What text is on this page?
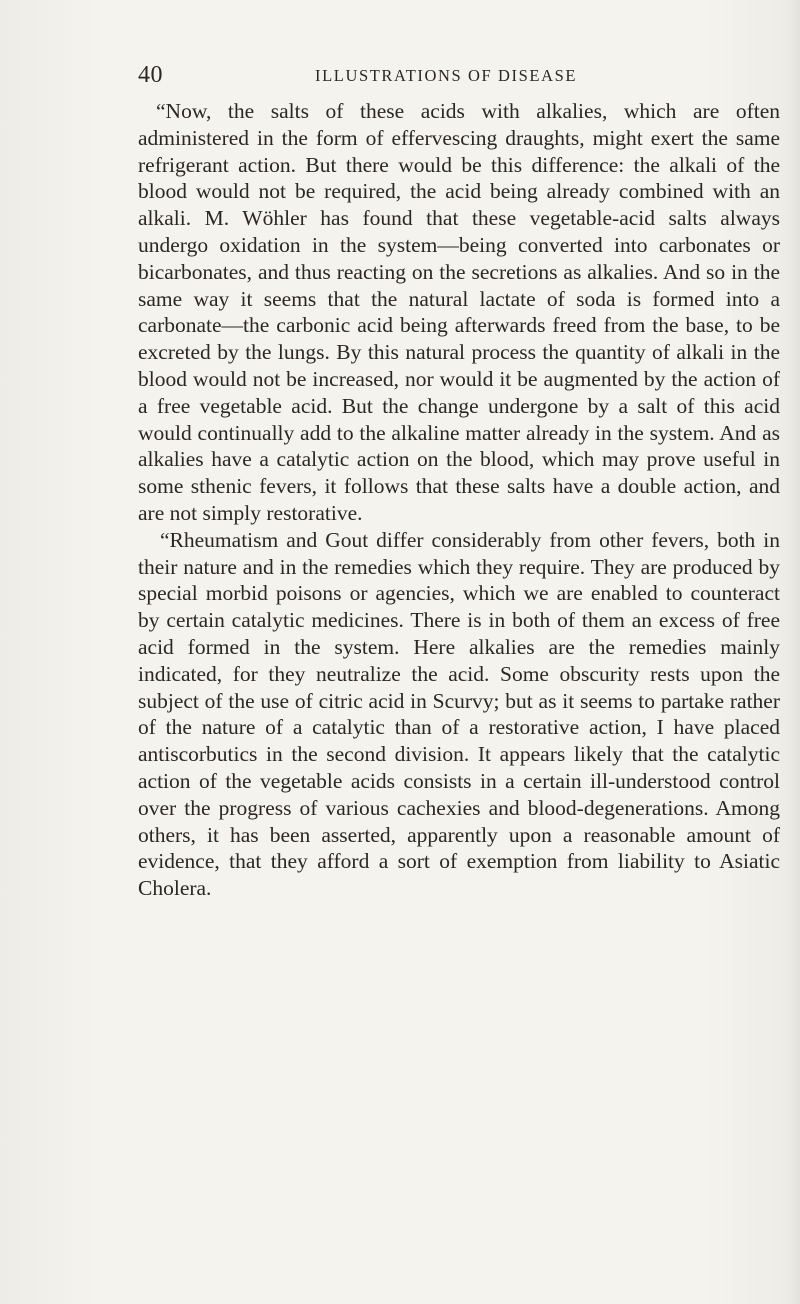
40	ILLUSTRATIONS OF DISEASE

“Now, the salts of these acids with alkalies, which are often administered in the form of effervescing draughts, might exert the same refrigerant action. But there would be this difference: the alkali of the blood would not be required, the acid being already combined with an alkali. M. Wöhler has found that these vegetable-acid salts always undergo oxidation in the system—being converted into carbonates or bicarbonates, and thus reacting on the secretions as alkalies. And so in the same way it seems that the natural lactate of soda is formed into a carbonate—the carbonic acid being afterwards freed from the base, to be excreted by the lungs. By this natural process the quantity of alkali in the blood would not be increased, nor would it be augmented by the action of a free vegetable acid. But the change undergone by a salt of this acid would continually add to the alkaline matter already in the system. And as alkalies have a catalytic action on the blood, which may prove useful in some sthenic fevers, it follows that these salts have a double action, and are not simply restorative.

“Rheumatism and Gout differ considerably from other fevers, both in their nature and in the remedies which they require. They are produced by special morbid poisons or agencies, which we are enabled to counteract by certain catalytic medicines. There is in both of them an excess of free acid formed in the system. Here alkalies are the remedies mainly indicated, for they neutralize the acid. Some obscurity rests upon the subject of the use of citric acid in Scurvy; but as it seems to partake rather of the nature of a catalytic than of a restorative action, I have placed antiscorbutics in the second division. It appears likely that the catalytic action of the vegetable acids consists in a certain ill-understood control over the progress of various cachexies and blood-degenerations. Among others, it has been asserted, apparently upon a reasonable amount of evidence, that they afford a sort of exemption from liability to Asiatic Cholera.
